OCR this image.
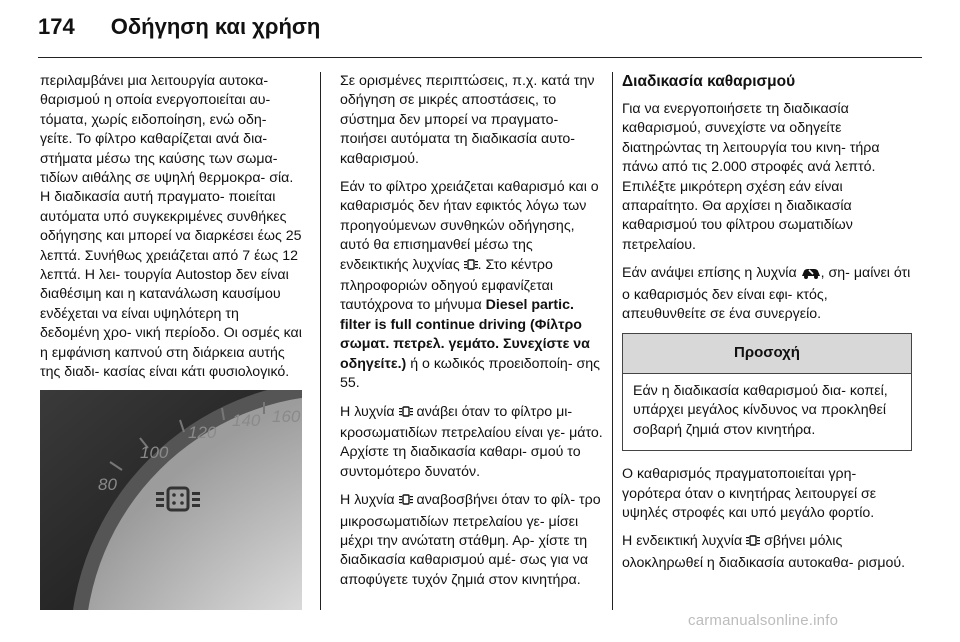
174 Οδήγηση και χρήση

περιλαμβάνει μια λειτουργία αυτοκα- θαρισμού η οποία ενεργοποιείται αυ- τόματα, χωρίς ειδοποίηση, ενώ οδη- γείτε. Το φίλτρο καθαρίζεται ανά δια- στήματα μέσω της καύσης των σωμα- τιδίων αιθάλης σε υψηλή θερμοκρα- σία. Η διαδικασία αυτή πραγματο- ποιείται αυτόματα υπό συγκεκριμένες συνθήκες οδήγησης και μπορεί να διαρκέσει έως 25 λεπτά. Συνήθως χρειάζεται από 7 έως 12 λεπτά. Η λει- τουργία Autostop δεν είναι διαθέσιμη και η κατανάλωση καυσίμου ενδέχεται να είναι υψηλότερη τη δεδομένη χρο- νική περίοδο. Οι οσμές και η εμφάνιση καπνού στη διάρκεια αυτής της διαδι- κασίας είναι κάτι φυσιολογικό.

80
100
120
140 160

Σε ορισμένες περιπτώσεις, π.χ. κατά την οδήγηση σε μικρές αποστάσεις, το σύστημα δεν μπορεί να πραγματο- ποιήσει αυτόματα τη διαδικασία αυτο- καθαρισμού.

Εάν το φίλτρο χρειάζεται καθαρισμό και ο καθαρισμός δεν ήταν εφικτός λόγω των προηγούμενων συνθηκών οδήγησης, αυτό θα επισημανθεί μέσω της ενδεικτικής λυχνίας . Στο κέντρο πληροφοριών οδηγού εμφανίζεται ταυτόχρονα το μήνυμα Diesel partic. filter is full continue driving (Φίλτρο σωματ. πετρελ. γεμάτο. Συνεχίστε να οδηγείτε.) ή ο κωδικός προειδοποίη- σης 55.

Η λυχνία ανάβει όταν το φίλτρο μι- κροσωματιδίων πετρελαίου είναι γε- μάτο. Αρχίστε τη διαδικασία καθαρι- σμού το συντομότερο δυνατόν.

Η λυχνία αναβοσβήνει όταν το φίλ- τρο μικροσωματιδίων πετρελαίου γε- μίσει μέχρι την ανώτατη στάθμη. Αρ- χίστε τη διαδικασία καθαρισμού αμέ- σως για να αποφύγετε τυχόν ζημιά στον κινητήρα.

Διαδικασία καθαρισμού

Για να ενεργοποιήσετε τη διαδικασία καθαρισμού, συνεχίστε να οδηγείτε διατηρώντας τη λειτουργία του κινη- τήρα πάνω από τις 2.000 στροφές ανά λεπτό. Επιλέξτε μικρότερη σχέση εάν είναι απαραίτητο. Θα αρχίσει η διαδικασία καθαρισμού του φίλτρου σωματιδίων πετρελαίου.

Εάν ανάψει επίσης η λυχνία , ση- μαίνει ότι ο καθαρισμός δεν είναι εφι- κτός, απευθυνθείτε σε ένα συνεργείο.

Προσοχή
Εάν η διαδικασία καθαρισμού δια- κοπεί, υπάρχει μεγάλος κίνδυνος να προκληθεί σοβαρή ζημιά στον κινητήρα.

Ο καθαρισμός πραγματοποιείται γρη- γορότερα όταν ο κινητήρας λειτουργεί σε υψηλές στροφές και υπό μεγάλο φορτίο.

Η ενδεικτική λυχνία σβήνει μόλις ολοκληρωθεί η διαδικασία αυτοκαθα- ρισμού.

carmanualsonline.info
